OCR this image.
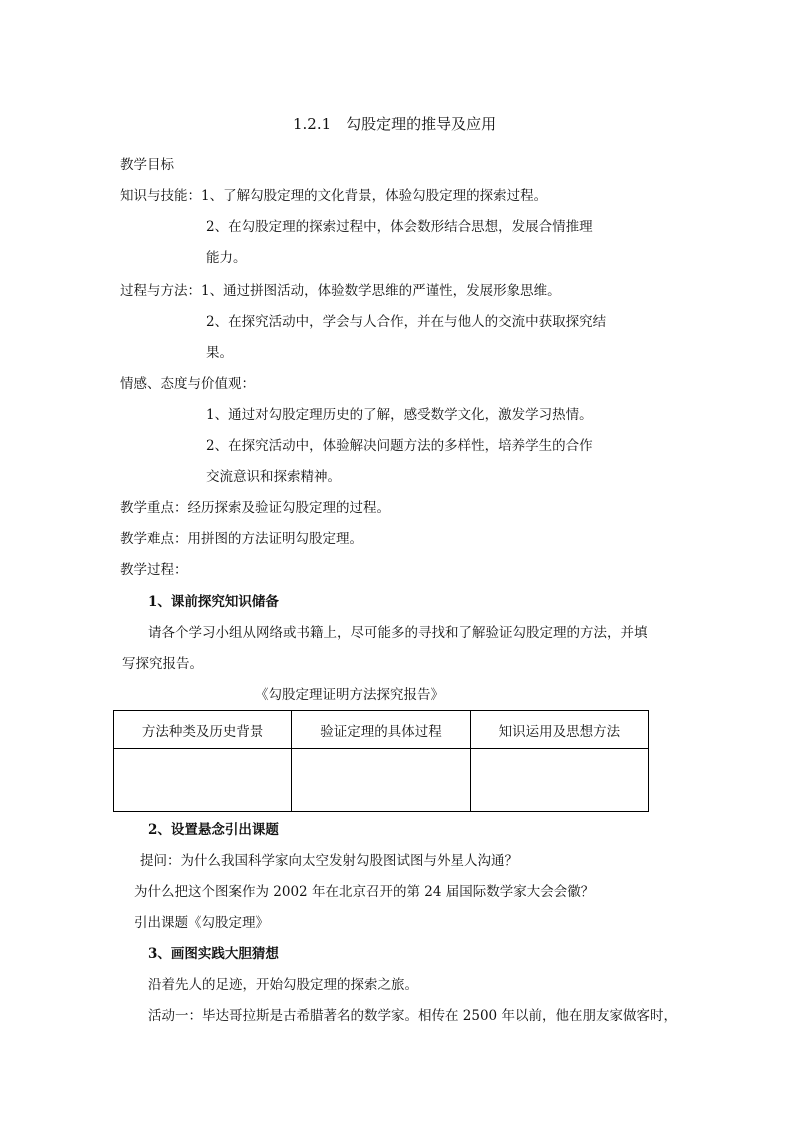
1.2.1　勾股定理的推导及应用
教学目标
知识与技能：1、了解勾股定理的文化背景，体验勾股定理的探索过程。
2、在勾股定理的探索过程中，体会数形结合思想，发展合情推理
能力。
过程与方法：1、通过拼图活动，体验数学思维的严谨性，发展形象思维。
2、在探究活动中，学会与人合作，并在与他人的交流中获取探究结
果。
情感、态度与价值观：
1、通过对勾股定理历史的了解，感受数学文化，激发学习热情。
2、在探究活动中，体验解决问题方法的多样性，培养学生的合作
交流意识和探索精神。
教学重点：经历探索及验证勾股定理的过程。
教学难点：用拼图的方法证明勾股定理。
教学过程：
1、课前探究知识储备
请各个学习小组从网络或书籍上，尽可能多的寻找和了解验证勾股定理的方法，并填
写探究报告。
《勾股定理证明方法探究报告》
方法种类及历史背景	验证定理的具体过程	知识运用及思想方法

2、设置悬念引出课题
提问：为什么我国科学家向太空发射勾股图试图与外星人沟通？
为什么把这个图案作为 2002 年在北京召开的第 24 届国际数学家大会会徽？
引出课题《勾股定理》
3、画图实践大胆猜想
沿着先人的足迹，开始勾股定理的探索之旅。
活动一：毕达哥拉斯是古希腊著名的数学家。相传在 2500 年以前，他在朋友家做客时，
